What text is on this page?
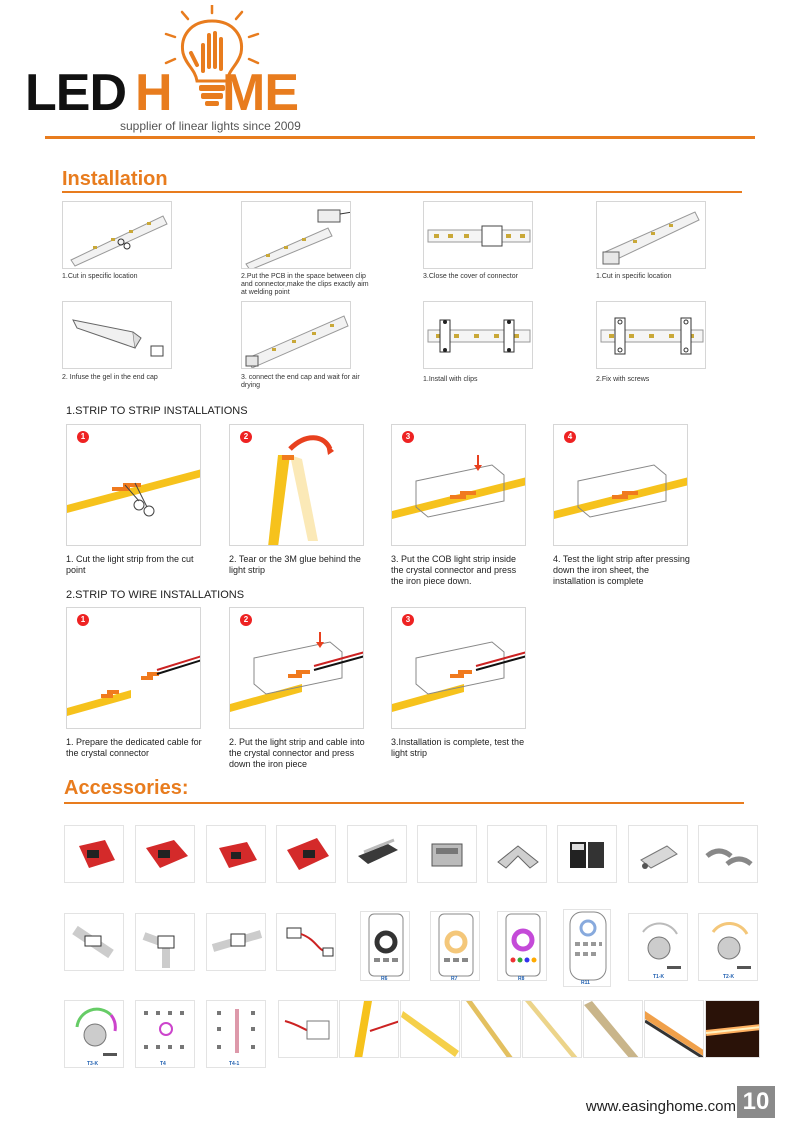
LED H ME
supplier of linear lights since 2009
Installation
1.Cut in specific location	2.Put the PCB in the space between clip and connector,make the clips exactly aim at welding point
3.Close the cover of connector	1.Cut in specific location
2. Infuse the gel in the end cap	3. connect the end cap and wait for air drying
1.Install with clips	2.Fix with screws
1.STRIP TO STRIP INSTALLATIONS
1
1. Cut the light strip from the cut point
2
2. Tear or the 3M glue behind the light strip
3
3. Put the COB light strip inside the crystal connector and press the iron piece down.
4
4. Test the light strip after pressing down the iron sheet, the installation is complete
2.STRIP TO WIRE INSTALLATIONS
1
1. Prepare the dedicated cable for the crystal connector
2
2. Put the light strip and cable into the crystal connector and press down the iron piece
3
3.Installation is complete, test the light strip
Accessories:
R6	R7	R8
R11
T1-K	T2-K
T3-K	T4	T4-1
www.easinghome.com 10
